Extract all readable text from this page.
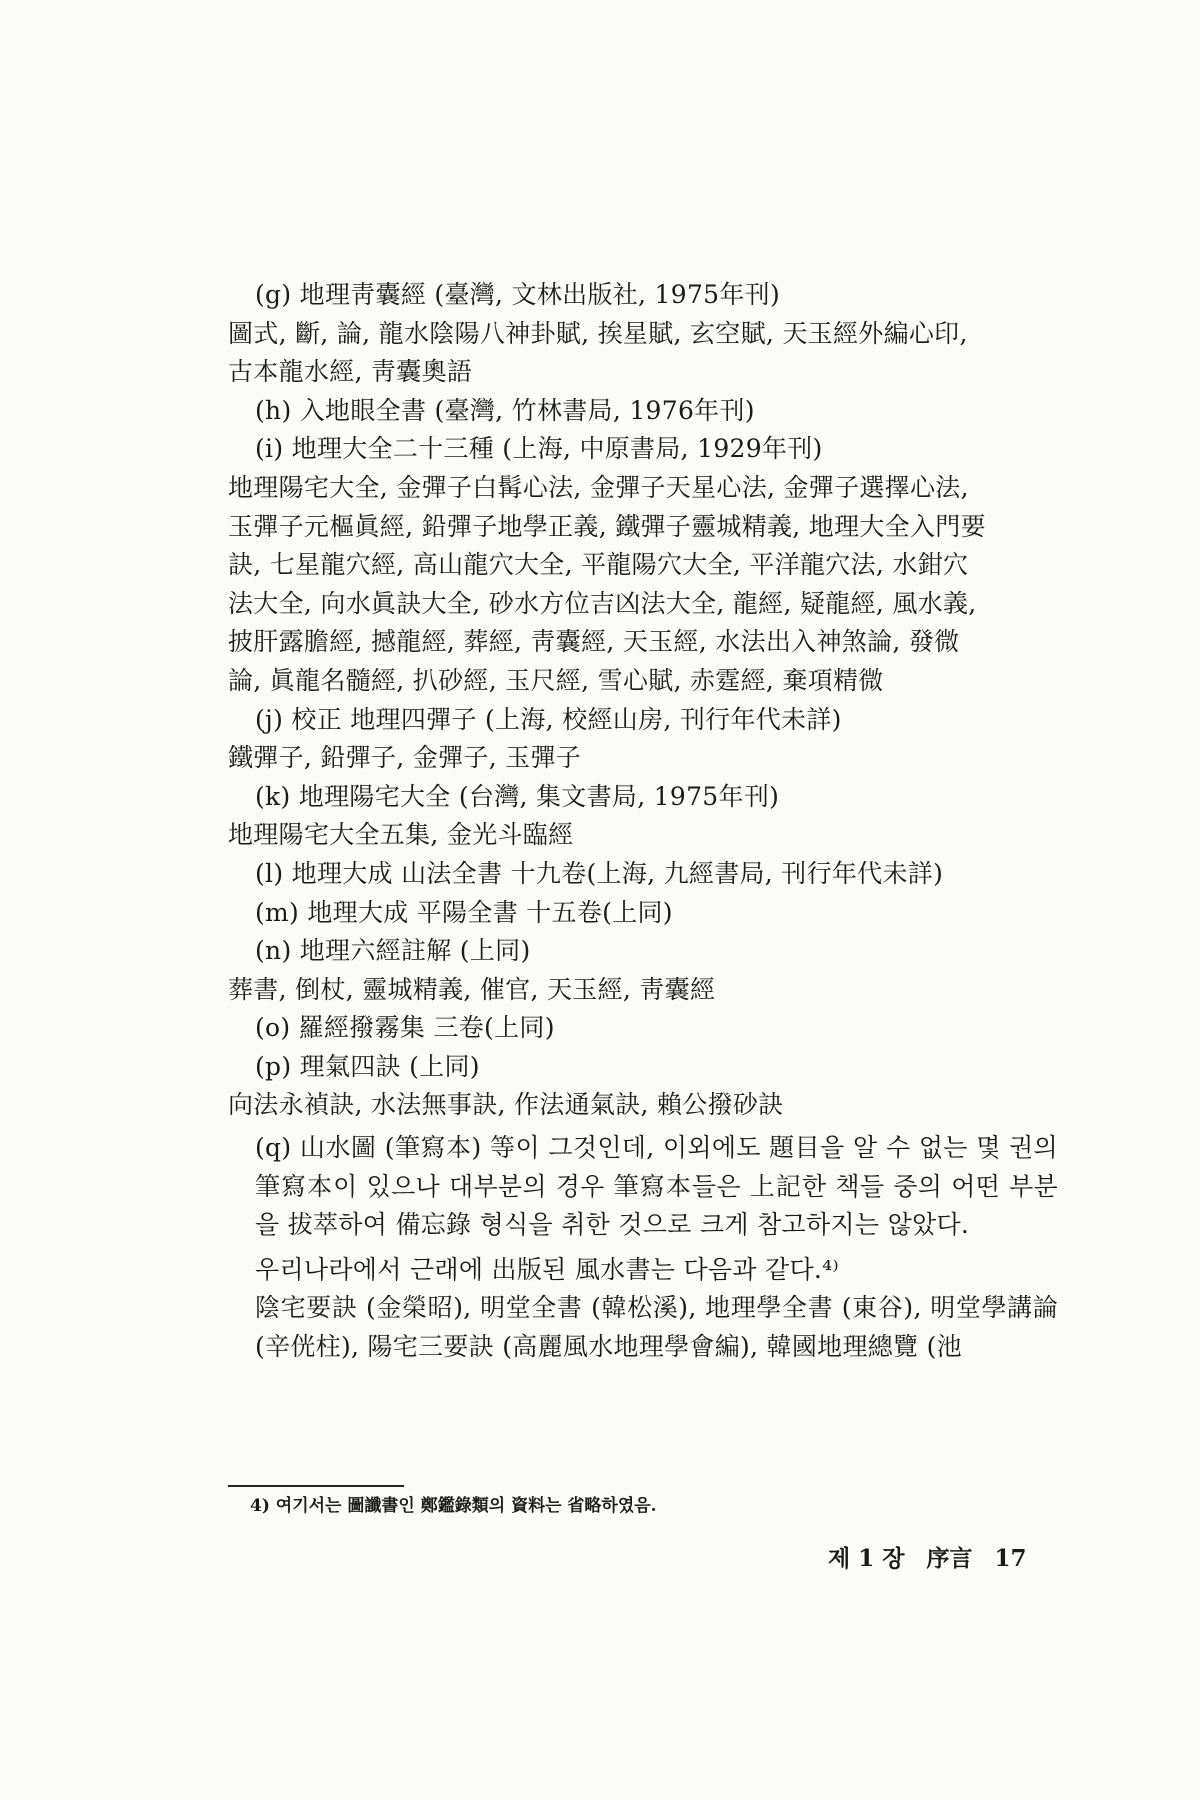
(g) 地理靑囊經 (臺灣, 文林出版社, 1975年刊)
圖式, 斷, 論, 龍水陰陽八神卦賦, 挨星賦, 玄空賦, 天玉經外編心印,
古本龍水經, 靑囊奧語
(h) 入地眼全書 (臺灣, 竹林書局, 1976年刊)
(i) 地理大全二十三種 (上海, 中原書局, 1929年刊)
地理陽宅大全, 金彈子白髯心法, 金彈子天星心法, 金彈子選擇心法,
玉彈子元樞眞經, 鉛彈子地學正義, 鐵彈子靈城精義, 地理大全入門要
訣, 七星龍穴經, 高山龍穴大全, 平龍陽穴大全, 平洋龍穴法, 水鉗穴
法大全, 向水眞訣大全, 砂水方位吉凶法大全, 龍經, 疑龍經, 風水義,
披肝露膽經, 撼龍經, 葬經, 靑囊經, 天玉經, 水法出入神煞論, 發微
論, 眞龍名髓經, 扒砂經, 玉尺經, 雪心賦, 赤霆經, 棄項精微
(j) 校正 地理四彈子 (上海, 校經山房, 刊行年代未詳)
鐵彈子, 鉛彈子, 金彈子, 玉彈子
(k) 地理陽宅大全 (台灣, 集文書局, 1975年刊)
地理陽宅大全五集, 金光斗臨經
(l) 地理大成 山法全書 十九卷(上海, 九經書局, 刊行年代未詳)
(m) 地理大成 平陽全書 十五卷(上同)
(n) 地理六經註解 (上同)
葬書, 倒杖, 靈城精義, 催官, 天玉經, 靑囊經
(o) 羅經撥霧集 三卷(上同)
(p) 理氣四訣 (上同)
向法永禎訣, 水法無事訣, 作法通氣訣, 賴公撥砂訣
(q) 山水圖 (筆寫本) 等이 그것인데, 이외에도 題目을 알 수 없는 몇 권의 筆寫本이 있으나 대부분의 경우 筆寫本들은 上記한 책들 중의 어떤 부분을 拔萃하여 備忘錄 형식을 취한 것으로 크게 참고하지는 않았다.
우리나라에서 근래에 出版된 風水書는 다음과 같다.⁴⁾
陰宅要訣 (金榮昭), 明堂全書 (韓松溪), 地理學全書 (東谷), 明堂學講論 (辛侊柱), 陽宅三要訣 (高麗風水地理學會編), 韓國地理總覽 (池
4) 여기서는 圖讖書인 鄭鑑錄類의 資料는 省略하였음.
제 1 장 序言 17
